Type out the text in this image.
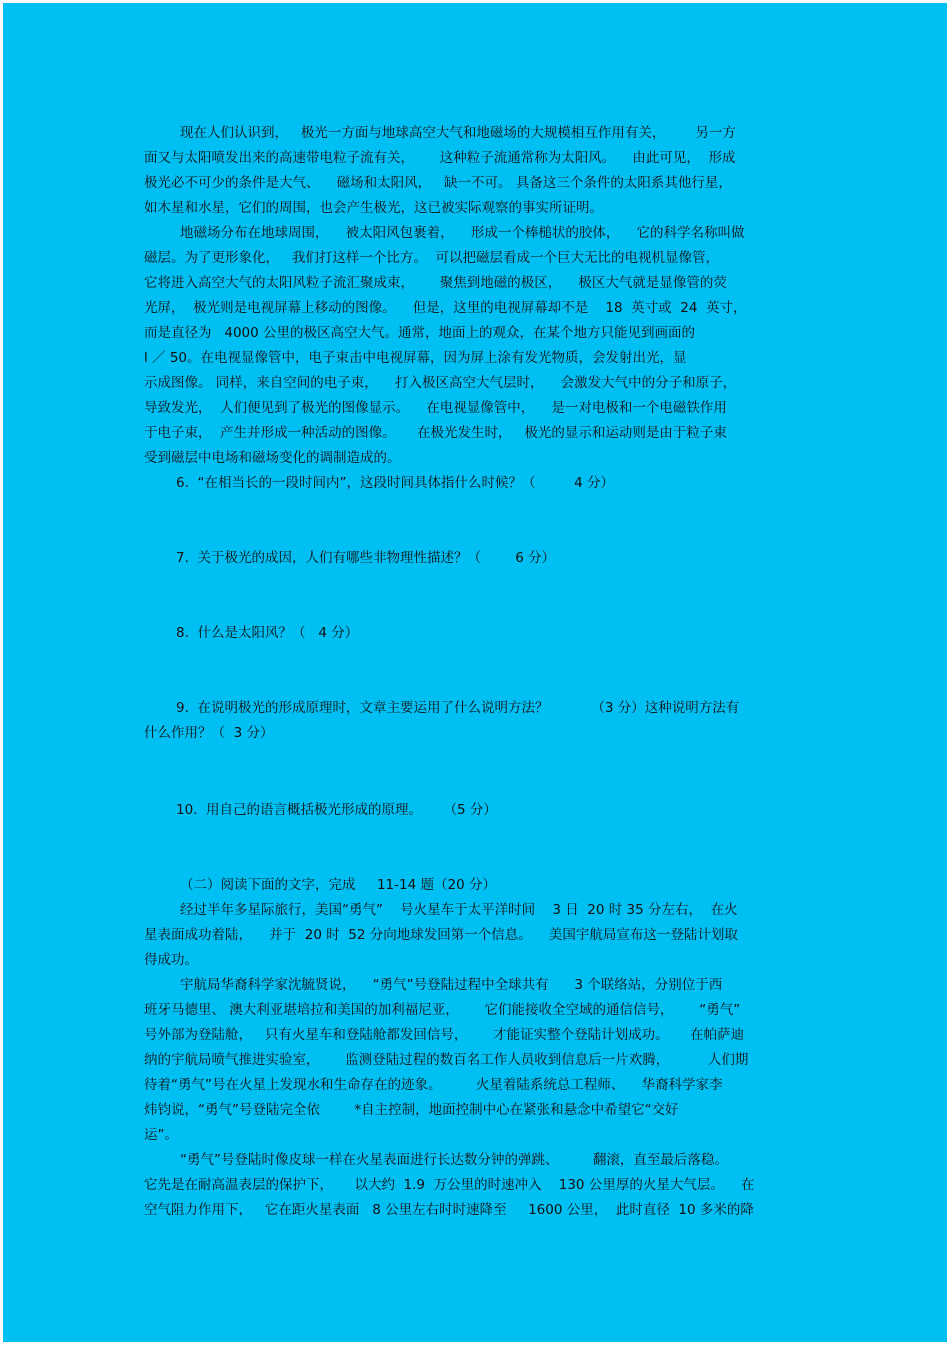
现在人们认识到，   极光一方面与地球高空大气和地磁场的大规模相互作用有关，       另一方
面又与太阳喷发出来的高速带电粒子流有关，      这种粒子流通常称为太阳风。    由此可见，  形成
极光必不可少的条件是大气、    磁场和太阳风，   缺一不可。 具备这三个条件的太阳系其他行星，
如木星和水星，它们的周围，也会产生极光，这已被实际观察的事实所证明。
地磁场分布在地球周围，    被太阳风包裹着，    形成一个棒槌状的胶体，    它的科学名称叫做
磁层。为了更形象化，   我们打这样一个比方。  可以把磁层看成一个巨大无比的电视机显像管，
它将进入高空大气的太阳风粒子流汇聚成束，      聚焦到地磁的极区，    极区大气就是显像管的荧
光屏，  极光则是电视屏幕上移动的图像。    但是，这里的电视屏幕却不是    18  英寸或  24  英寸，
而是直径为   4000 公里的极区高空大气。通常，地面上的观众，在某个地方只能见到画面的
l ／ 50。在电视显像管中，电子束击中电视屏幕，因为屏上涂有发光物质，会发射出光，显
示成图像。 同样，来自空间的电子束，    打入极区高空大气层时，    会激发大气中的分子和原子，
导致发光，  人们便见到了极光的图像显示。    在电视显像管中，    是一对电极和一个电磁铁作用
于电子束，  产生并形成一种活动的图像。     在极光发生时，   极光的显示和运动则是由于粒子束
受到磁层中电场和磁场变化的调制造成的。
6.  “在相当长的一段时间内”，这段时间具体指什么时候？（         4 分）
7.  关于极光的成因，人们有哪些非物理性描述？（        6 分）
8.  什么是太阳风？（   4 分）
9.  在说明极光的形成原理时，文章主要运用了什么说明方法？          （3 分）这种说明方法有
什么作用？（  3 分）
10.  用自己的语言概括极光形成的原理。     （5 分）
（二）阅读下面的文字，完成     11-14 题（20 分）
经过半年多星际旅行，美国“勇气”    号火星车于太平洋时间    3 日  20 时 35 分左右，  在火
星表面成功着陆，    并于  20 时  52 分向地球发回第一个信息。    美国宇航局宣布这一登陆计划取
得成功。
宇航局华裔科学家沈毓贤说，    “勇气”号登陆过程中全球共有      3 个联络站，分别位于西
班牙马德里、 澳大利亚堪培拉和美国的加利福尼亚，      它们能接收全空域的通信信号，      “勇气”
号外部为登陆舱，   只有火星车和登陆舱都发回信号，      才能证实整个登陆计划成功。     在帕萨迪
纳的宇航局喷气推进实验室，      监测登陆过程的数百名工作人员收到信息后一片欢腾，         人们期
待着“勇气”号在火星上发现水和生命存在的迹象。        火星着陆系统总工程师、    华裔科学家李
炜钧说，“勇气”号登陆完全依        *自主控制，地面控制中心在紧张和悬念中希望它“交好
运”。
“勇气”号登陆时像皮球一样在火星表面进行长达数分钟的弹跳、        翻滚，直至最后落稳。
它先是在耐高温表层的保护下，     以大约  1.9  万公里的时速冲入    130 公里厚的火星大气层。    在
空气阻力作用下，   它在距火星表面   8 公里左右时时速降至     1600 公里，  此时直径  10 多米的降
